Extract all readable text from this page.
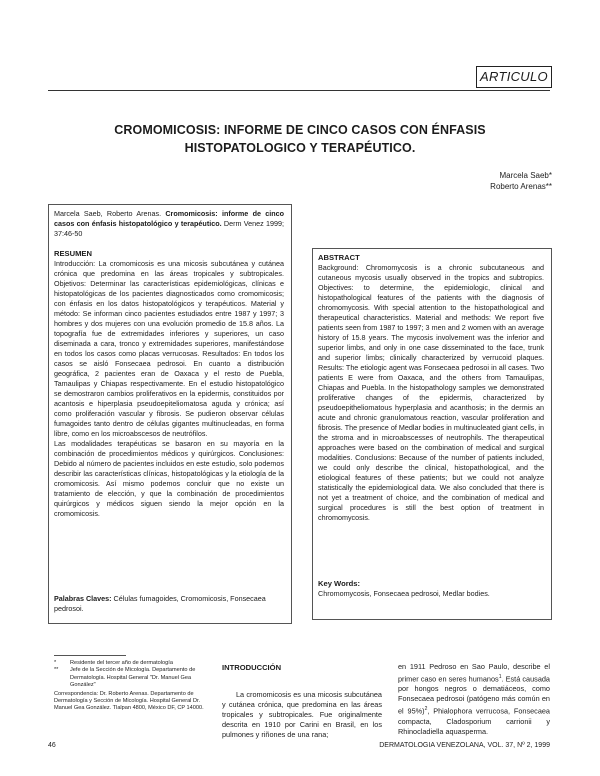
ARTICULO
CROMOMICOSIS: INFORME DE CINCO CASOS CON ÉNFASIS
HISTOPATOLOGICO Y TERAPÉUTICO.
Marcela Saeb*
Roberto Arenas**
Marcela Saeb, Roberto Arenas. Cromomicosis: informe de cinco casos con énfasis histopatológico y terapéutico. Derm Venez 1999; 37:46-50
RESUMEN

Introducción: La cromomicosis es una micosis subcutánea y cutánea crónica que predomina en las áreas tropicales y subtropicales. Objetivos: Determinar las características epidemiológicas, clínicas e histopatológicas de los pacientes diagnosticados como cromomicosis; con énfasis en los datos histopatológicos y terapéuticos. Material y método: Se informan cinco pacientes estudiados entre 1987 y 1997; 3 hombres y dos mujeres con una evolución promedio de 15.8 años. La topografía fue de extremidades inferiores y superiores, un caso diseminada a cara, tronco y extremidades superiores, manifestándose en todos los casos como placas verrucosas. Resultados: En todos los casos se aisló Fonsecaea pedrosoi. En cuanto a distribución geográfica, 2 pacientes eran de Oaxaca y el resto de Puebla, Tamaulipas y Chiapas respectivamente. En el estudio histopatológico se demostraron cambios proliferativos en la epidermis, constituidos por acantosis e hiperplasia pseudoepiteliomatosa aguda y crónica; así como proliferación vascular y fibrosis. Se pudieron observar células fumagoides tanto dentro de células gigantes multinucleadas, en forma libre, como en los microabscesos de neutrófilos.

Las modalidades terapéuticas se basaron en su mayoría en la combinación de procedimientos médicos y quirúrgicos. Conclusiones: Debido al número de pacientes incluidos en este estudio, solo podemos describir las características clínicas, histopatológicas y la etiología de la cromomicosis. Así mismo podemos concluir que no existe un tratamiento de elección, y que la combinación de procedimientos quirúrgicos y médicos siguen siendo la mejor opción en la cromomicosis.

Palabras Claves: Células fumagoides, Cromomicosis, Fonsecaea pedrosoi.
ABSTRACT

Background: Chromomycosis is a chronic subcutaneous and cutaneous mycosis usually observed in the tropics and subtropics. Objectives: to determine, the epidemiologic, clinical and histopathological features of the patients with the diagnosis of chromomycosis. With special attention to the histopathological and therapeutical characteristics. Material and methods: We report five patients seen from 1987 to 1997; 3 men and 2 women with an average history of 15.8 years. The mycosis involvement was the inferior and superior limbs, and only in one case disseminated to the face, trunk and superior limbs; clinically characterized by verrucoid plaques. Results: The etiologic agent was Fonsecaea pedrosoi in all cases. Two patients E were from Oaxaca, and the others from Tamaulipas, Chiapas and Puebla. In the histopathology samples we demonstrated proliferative changes of the epidermis, characterized by pseudoepitheliomatous hyperplasia and acanthosis; in the dermis an acute and chronic granulomatous reaction, vascular proliferation and fibrosis. The presence of Medlar bodies in multinucleated giant cells, in the stroma and in microabscesses of neutrophils. The therapeutical approaches were based on the combination of medical and surgical modalities. Conclusions: Because of the number of patients included, we could only describe the clinical, histopathological, and the etiological features of these patients; but we could not analyze statistically the epidemiological data. We also concluded that there is not yet a treatment of choice, and the combination of medical and surgical procedures is still the best option of treatment in chromomycosis.

Key Words:
Chromomycosis, Fonsecaea pedrosoi, Medlar bodies.
*	Residente del tercer año de dermatología
**	Jefe de la Sección de Micología. Departamento de Dermatología. Hospital General "Dr. Manuel Gea González"
Correspondencia: Dr. Roberto Arenas. Departamento de Dermatología y Sección de Micología. Hospital General Dr. Manuel Gea González. Tlalpan 4800, México DF, CP 14000.
INTRODUCCIÓN
La cromomicosis es una micosis subcutánea y cutánea crónica, que predomina en las áreas tropicales y subtropicales. Fue originalmente descrita en 1910 por Carini en Brasil, en los pulmones y riñones de una rana;
en 1911 Pedroso en Sao Paulo, describe el primer caso en seres humanos$^1$. Está causada por hongos negros o dematiáceos, como Fonsecaea pedrosoi (patógeno más común en el 95%)$^2$, Phialophora verrucosa, Fonsecaea compacta, Cladosporium carrionii y Rhinocladiella aquasperma.
46	DERMATOLOGIA VENEZOLANA, VOL. 37, Nº 2, 1999
